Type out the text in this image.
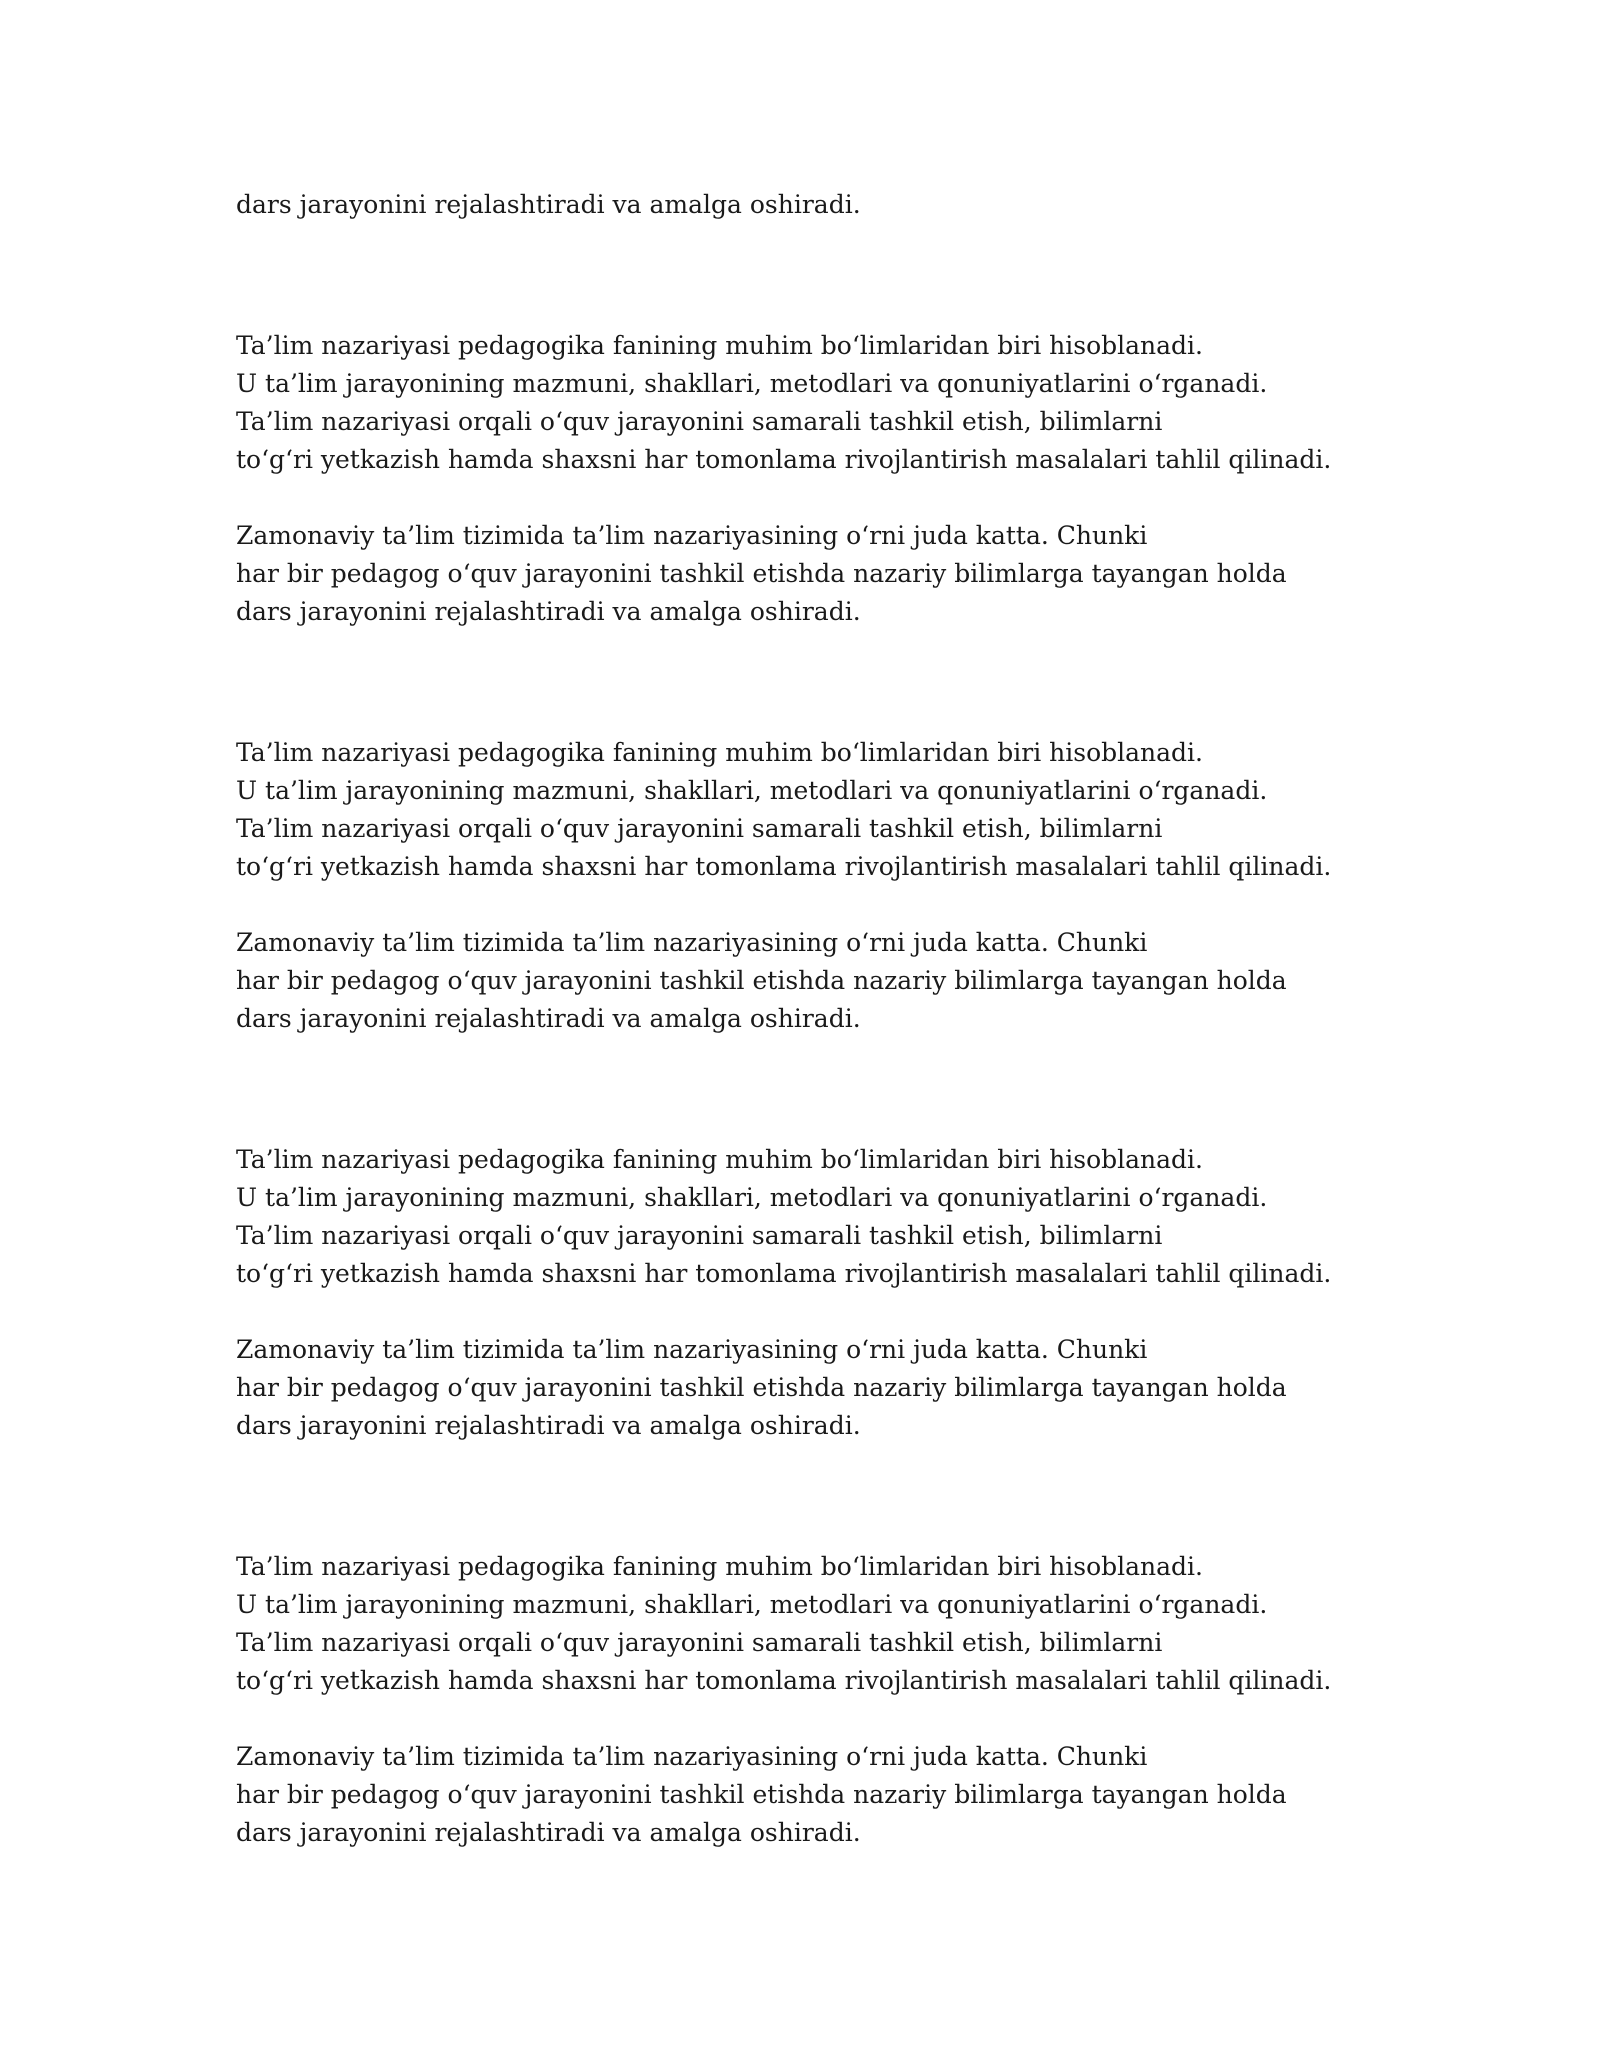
dars jarayonini rejalashtiradi va amalga oshiradi.
Ta’lim nazariyasi pedagogika fanining muhim bo‘limlaridan biri hisoblanadi.
U ta’lim jarayonining mazmuni, shakllari, metodlari va qonuniyatlarini o‘rganadi.
Ta’lim nazariyasi orqali o‘quv jarayonini samarali tashkil etish, bilimlarni
to‘g‘ri yetkazish hamda shaxsni har tomonlama rivojlantirish masalalari tahlil qilinadi.
Zamonaviy ta’lim tizimida ta’lim nazariyasining o‘rni juda katta. Chunki
har bir pedagog o‘quv jarayonini tashkil etishda nazariy bilimlarga tayangan holda
dars jarayonini rejalashtiradi va amalga oshiradi.
Ta’lim nazariyasi pedagogika fanining muhim bo‘limlaridan biri hisoblanadi.
U ta’lim jarayonining mazmuni, shakllari, metodlari va qonuniyatlarini o‘rganadi.
Ta’lim nazariyasi orqali o‘quv jarayonini samarali tashkil etish, bilimlarni
to‘g‘ri yetkazish hamda shaxsni har tomonlama rivojlantirish masalalari tahlil qilinadi.
Zamonaviy ta’lim tizimida ta’lim nazariyasining o‘rni juda katta. Chunki
har bir pedagog o‘quv jarayonini tashkil etishda nazariy bilimlarga tayangan holda
dars jarayonini rejalashtiradi va amalga oshiradi.
Ta’lim nazariyasi pedagogika fanining muhim bo‘limlaridan biri hisoblanadi.
U ta’lim jarayonining mazmuni, shakllari, metodlari va qonuniyatlarini o‘rganadi.
Ta’lim nazariyasi orqali o‘quv jarayonini samarali tashkil etish, bilimlarni
to‘g‘ri yetkazish hamda shaxsni har tomonlama rivojlantirish masalalari tahlil qilinadi.
Zamonaviy ta’lim tizimida ta’lim nazariyasining o‘rni juda katta. Chunki
har bir pedagog o‘quv jarayonini tashkil etishda nazariy bilimlarga tayangan holda
dars jarayonini rejalashtiradi va amalga oshiradi.
Ta’lim nazariyasi pedagogika fanining muhim bo‘limlaridan biri hisoblanadi.
U ta’lim jarayonining mazmuni, shakllari, metodlari va qonuniyatlarini o‘rganadi.
Ta’lim nazariyasi orqali o‘quv jarayonini samarali tashkil etish, bilimlarni
to‘g‘ri yetkazish hamda shaxsni har tomonlama rivojlantirish masalalari tahlil qilinadi.
Zamonaviy ta’lim tizimida ta’lim nazariyasining o‘rni juda katta. Chunki
har bir pedagog o‘quv jarayonini tashkil etishda nazariy bilimlarga tayangan holda
dars jarayonini rejalashtiradi va amalga oshiradi.
